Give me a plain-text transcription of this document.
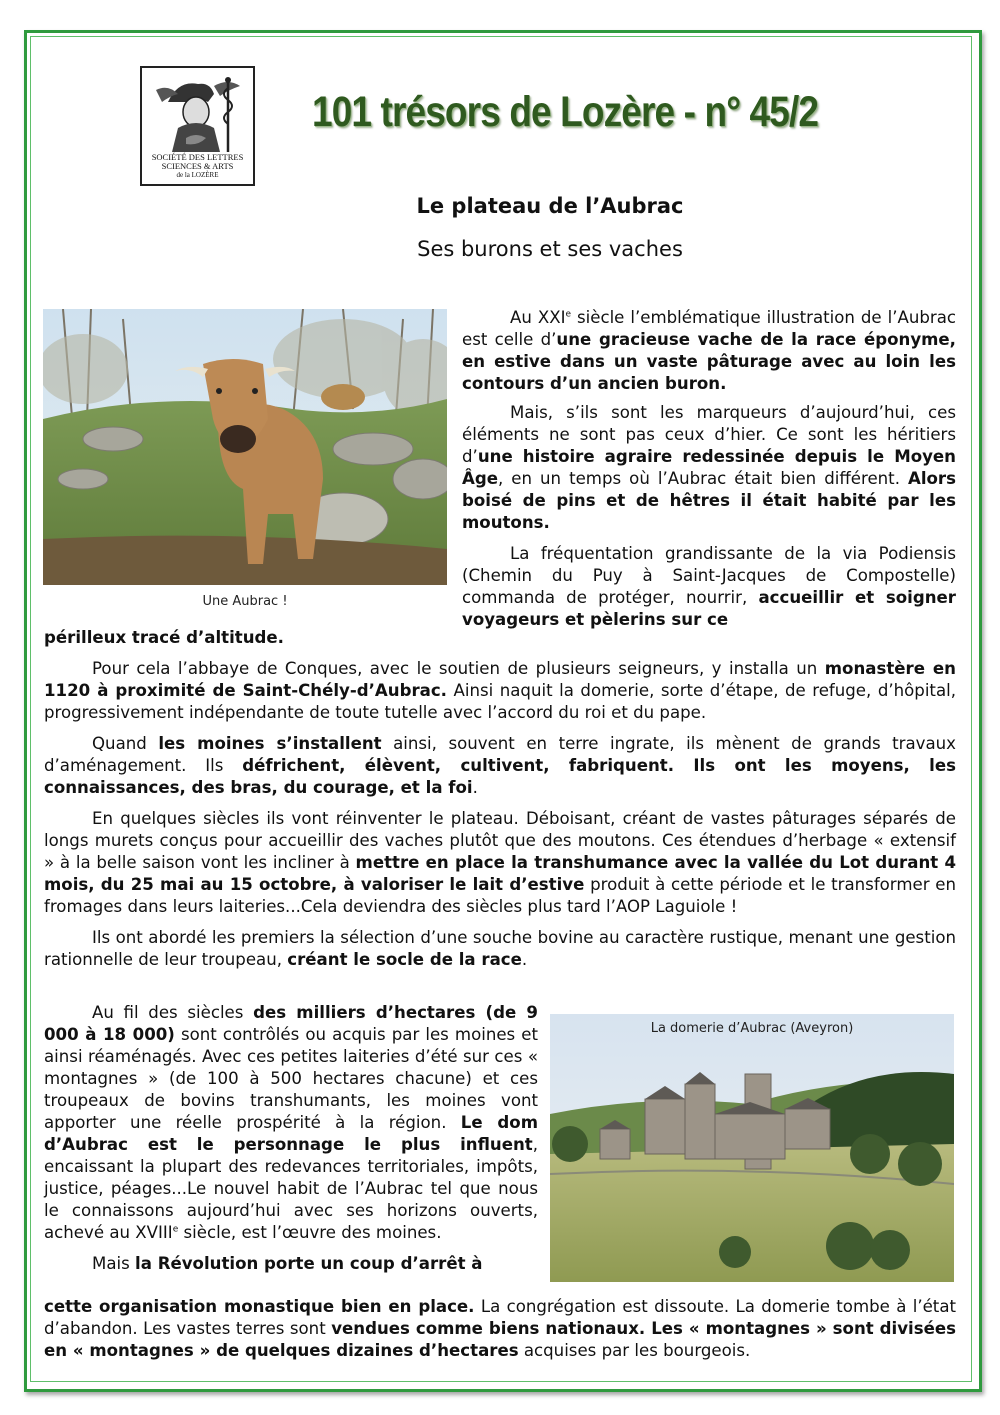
SOCIÉTÉ DES LETTRES
SCIENCES & ARTS
de la LOZÈRE
101 trésors de Lozère - n° 45/2
Le plateau de l’Aubrac
Ses burons et ses vaches
Une Aubrac !
La domerie d’Aubrac (Aveyron)

Au XXIe siècle l’emblématique illustration de l’Aubrac est celle d’une gracieuse vache de la race éponyme, en estive dans un vaste pâturage avec au loin les contours d’un ancien buron.

Mais, s’ils sont les marqueurs d’aujourd’hui, ces éléments ne sont pas ceux d’hier. Ce sont les héritiers d’une histoire agraire redessinée depuis le Moyen Âge, en un temps où l’Aubrac était bien différent. Alors boisé de pins et de hêtres il était habité par les moutons.

La fréquentation grandissante de la via Podiensis (Chemin du Puy à Saint-Jacques de Compostelle) commanda de protéger, nourrir, accueillir et soigner voyageurs et pèlerins sur ce

périlleux tracé d’altitude.

Pour cela l’abbaye de Conques, avec le soutien de plusieurs seigneurs, y installa un monastère en 1120 à proximité de Saint-Chély-d’Aubrac. Ainsi naquit la domerie, sorte d’étape, de refuge, d’hôpital, progressivement indépendante de toute tutelle avec l’accord du roi et du pape.

Quand les moines s’installent ainsi, souvent en terre ingrate, ils mènent de grands travaux d’aménagement. Ils défrichent, élèvent, cultivent, fabriquent. Ils ont les moyens, les connaissances, des bras, du courage, et la foi.

En quelques siècles ils vont réinventer le plateau. Déboisant, créant de vastes pâturages séparés de longs murets conçus pour accueillir des vaches plutôt que des moutons. Ces étendues d’herbage « extensif » à la belle saison vont les incliner à mettre en place la transhumance avec la vallée du Lot durant 4 mois, du 25 mai au 15 octobre, à valoriser le lait d’estive produit à cette période et le transformer en fromages dans leurs laiteries...Cela deviendra des siècles plus tard l’AOP Laguiole !

Ils ont abordé les premiers la sélection d’une souche bovine au caractère rustique, menant une gestion rationnelle de leur troupeau, créant le socle de la race.

Au fil des siècles des milliers d’hectares (de 9 000 à 18 000) sont contrôlés ou acquis par les moines et ainsi réaménagés. Avec ces petites laiteries d’été sur ces « montagnes » (de 100 à 500 hectares chacune) et ces troupeaux de bovins transhumants, les moines vont apporter une réelle prospérité à la région. Le dom d’Aubrac est le personnage le plus influent, encaissant la plupart des redevances territoriales, impôts, justice, péages...Le nouvel habit de l’Aubrac tel que nous le connaissons aujourd’hui avec ses horizons ouverts, achevé au XVIIIe siècle, est l’œuvre des moines.

Mais la Révolution porte un coup d’arrêt à

cette organisation monastique bien en place. La congrégation est dissoute. La domerie tombe à l’état d’abandon. Les vastes terres sont vendues comme biens nationaux. Les « montagnes » sont divisées en « montagnes » de quelques dizaines d’hectares acquises par les bourgeois.
